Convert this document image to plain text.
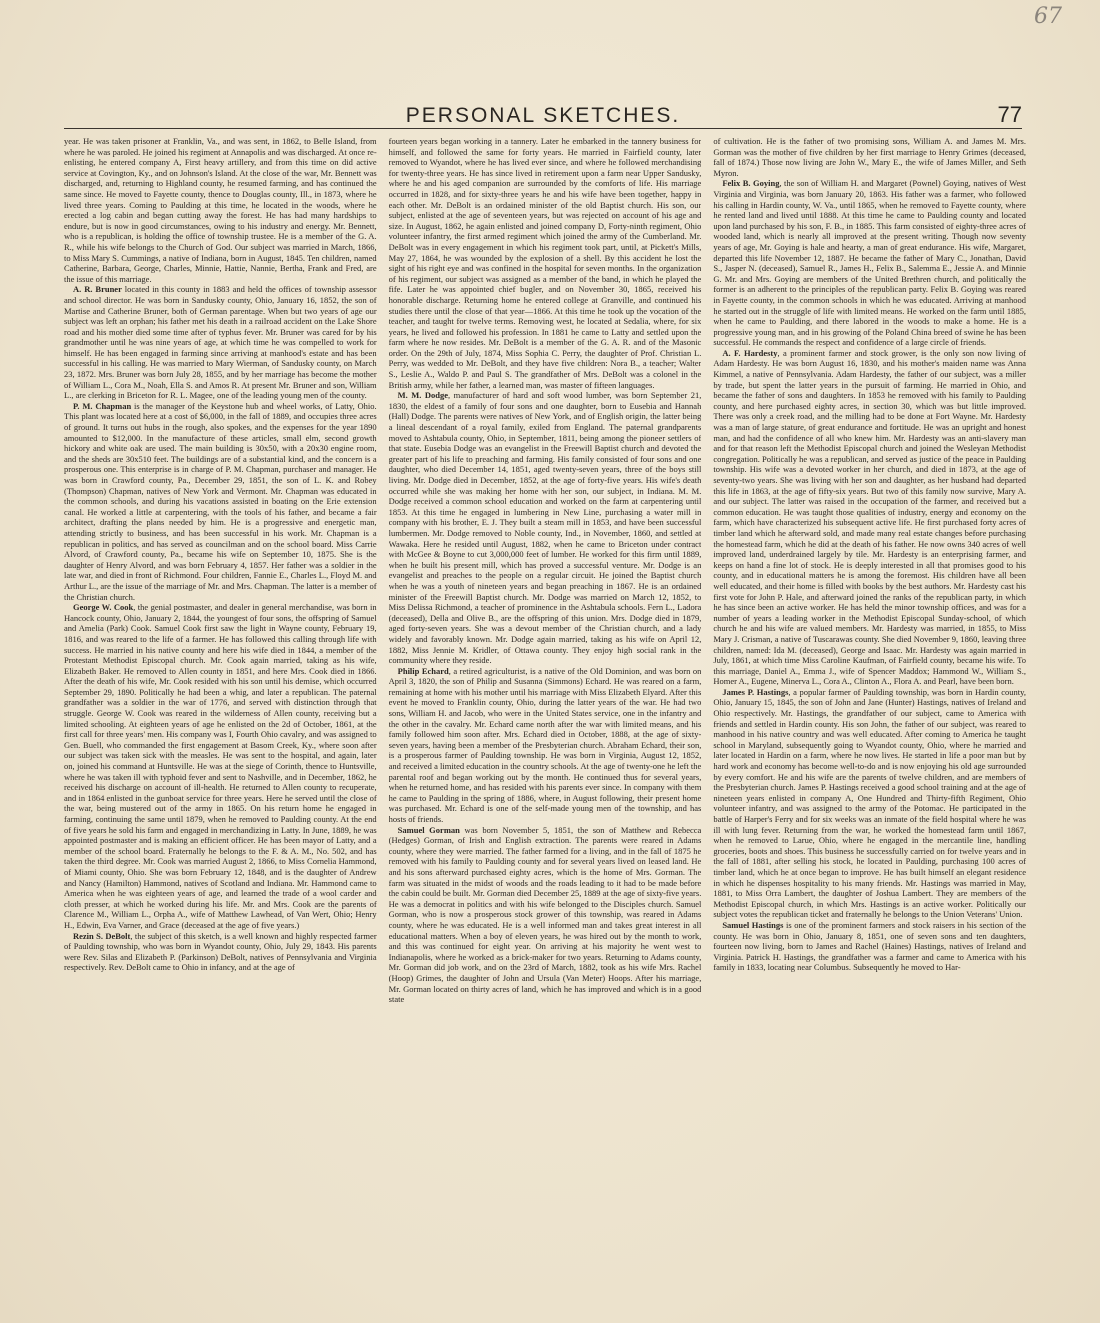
67
PERSONAL SKETCHES.	77

year. He was taken prisoner at Franklin, Va., and was sent, in 1862, to Belle Island, from where he was paroled. He joined his regiment at Annapolis and was discharged. At once re-enlisting, he entered company A, First heavy artillery, and from this time on did active service at Covington, Ky., and on Johnson's Island. At the close of the war, Mr. Bennett was discharged, and, returning to Highland county, he resumed farming, and has continued the same since. He moved to Fayette county, thence to Douglas county, Ill., in 1873, where he lived three years. Coming to Paulding at this time, he located in the woods, where he erected a log cabin and began cutting away the forest. He has had many hardships to endure, but is now in good circumstances, owing to his industry and energy. Mr. Bennett, who is a republican, is holding the office of township trustee. He is a member of the G. A. R., while his wife belongs to the Church of God. Our subject was married in March, 1866, to Miss Mary S. Cummings, a native of Indiana, born in August, 1845. Ten children, named Catherine, Barbara, George, Charles, Minnie, Hattie, Nannie, Bertha, Frank and Fred, are the issue of this marriage.

A. R. Bruner located in this county in 1883 and held the offices of township assessor and school director. He was born in Sandusky county, Ohio, January 16, 1852, the son of Martise and Catherine Bruner, both of German parentage. When but two years of age our subject was left an orphan; his father met his death in a railroad accident on the Lake Shore road and his mother died some time after of typhus fever. Mr. Bruner was cared for by his grandmother until he was nine years of age, at which time he was compelled to work for himself. He has been engaged in farming since arriving at manhood's estate and has been successful in his calling. He was married to Mary Wierman, of Sandusky county, on March 23, 1872. Mrs. Bruner was born July 28, 1855, and by her marriage has become the mother of William L., Cora M., Noah, Ella S. and Amos R. At present Mr. Bruner and son, William L., are clerking in Briceton for R. L. Magee, one of the leading young men of the county.

P. M. Chapman is the manager of the Keystone hub and wheel works, of Latty, Ohio. This plant was located here at a cost of $6,000, in the fall of 1889, and occupies three acres of ground. It turns out hubs in the rough, also spokes, and the expenses for the year 1890 amounted to $12,000. In the manufacture of these articles, small elm, second growth hickory and white oak are used. The main building is 30x50, with a 20x30 engine room, and the sheds are 30x510 feet. The buildings are of a substantial kind, and the concern is a prosperous one. This enterprise is in charge of P. M. Chapman, purchaser and manager. He was born in Crawford county, Pa., December 29, 1851, the son of L. K. and Robey (Thompson) Chapman, natives of New York and Vermont. Mr. Chapman was educated in the common schools, and during his vacations assisted in boating on the Erie extension canal. He worked a little at carpentering, with the tools of his father, and became a fair architect, drafting the plans needed by him. He is a progressive and energetic man, attending strictly to business, and has been successful in his work. Mr. Chapman is a republican in politics, and has served as councilman and on the school board. Miss Carrie Alvord, of Crawford county, Pa., became his wife on September 10, 1875. She is the daughter of Henry Alvord, and was born February 4, 1857. Her father was a soldier in the late war, and died in front of Richmond. Four children, Fannie E., Charles L., Floyd M. and Arthur L., are the issue of the marriage of Mr. and Mrs. Chapman. The latter is a member of the Christian church.

George W. Cook, the genial postmaster, and dealer in general merchandise, was born in Hancock county, Ohio, January 2, 1844, the youngest of four sons, the offspring of Samuel and Amelia (Park) Cook. Samuel Cook first saw the light in Wayne county, February 19, 1816, and was reared to the life of a farmer. He has followed this calling through life with success. He married in his native county and here his wife died in 1844, a member of the Protestant Methodist Episcopal church. Mr. Cook again married, taking as his wife, Elizabeth Baker. He removed to Allen county in 1851, and here Mrs. Cook died in 1866. After the death of his wife, Mr. Cook resided with his son until his demise, which occurred September 29, 1890. Politically he had been a whig, and later a republican. The paternal grandfather was a soldier in the war of 1776, and served with distinction through that struggle. George W. Cook was reared in the wilderness of Allen county, receiving but a limited schooling. At eighteen years of age he enlisted on the 2d of October, 1861, at the first call for three years' men. His company was I, Fourth Ohio cavalry, and was assigned to Gen. Buell, who commanded the first engagement at Basom Creek, Ky., where soon after our subject was taken sick with the measles. He was sent to the hospital, and again, later on, joined his command at Huntsville. He was at the siege of Corinth, thence to Huntsville, where he was taken ill with typhoid fever and sent to Nashville, and in December, 1862, he received his discharge on account of ill-health. He returned to Allen county to recuperate, and in 1864 enlisted in the gunboat service for three years. Here he served until the close of the war, being mustered out of the army in 1865. On his return home he engaged in farming, continuing the same until 1879, when he removed to Paulding county. At the end of five years he sold his farm and engaged in merchandizing in Latty. In June, 1889, he was appointed postmaster and is making an efficient officer. He has been mayor of Latty, and a member of the school board. Fraternally he belongs to the F. & A. M., No. 502, and has taken the third degree. Mr. Cook was married August 2, 1866, to Miss Cornelia Hammond, of Miami county, Ohio. She was born February 12, 1848, and is the daughter of Andrew and Nancy (Hamilton) Hammond, natives of Scotland and Indiana. Mr. Hammond came to America when he was eighteen years of age, and learned the trade of a wool carder and cloth presser, at which he worked during his life. Mr. and Mrs. Cook are the parents of Clarence M., William L., Orpha A., wife of Matthew Lawhead, of Van Wert, Ohio; Henry H., Edwin, Eva Varner, and Grace (deceased at the age of five years.)

Rezin S. DeBolt, the subject of this sketch, is a well known and highly respected farmer of Paulding township, who was born in Wyandot county, Ohio, July 29, 1843. His parents were Rev. Silas and Elizabeth P. (Parkinson) DeBolt, natives of Pennsylvania and Virginia respectively. Rev. DeBolt came to Ohio in infancy, and at the age of

fourteen years began working in a tannery. Later he embarked in the tannery business for himself, and followed the same for forty years. He married in Fairfield county, later removed to Wyandot, where he has lived ever since, and where he followed merchandising for twenty-three years. He has since lived in retirement upon a farm near Upper Sandusky, where he and his aged companion are surrounded by the comforts of life. His marriage occurred in 1828, and for sixty-three years he and his wife have been together, happy in each other. Mr. DeBolt is an ordained minister of the old Baptist church. His son, our subject, enlisted at the age of seventeen years, but was rejected on account of his age and size. In August, 1862, he again enlisted and joined company D, Forty-ninth regiment, Ohio volunteer infantry, the first armed regiment which joined the army of the Cumberland. Mr. DeBolt was in every engagement in which his regiment took part, until, at Pickett's Mills, May 27, 1864, he was wounded by the explosion of a shell. By this accident he lost the sight of his right eye and was confined in the hospital for seven months. In the organization of his regiment, our subject was assigned as a member of the band, in which he played the fife. Later he was appointed chief bugler, and on November 30, 1865, received his honorable discharge. Returning home he entered college at Granville, and continued his studies there until the close of that year—1866. At this time he took up the vocation of the teacher, and taught for twelve terms. Removing west, he located at Sedalia, where, for six years, he lived and followed his profession. In 1881 he came to Latty and settled upon the farm where he now resides. Mr. DeBolt is a member of the G. A. R. and of the Masonic order. On the 29th of July, 1874, Miss Sophia C. Perry, the daughter of Prof. Christian L. Perry, was wedded to Mr. DeBolt, and they have five children: Nora B., a teacher; Walter S., Leslie A., Waldo P. and Paul S. The grandfather of Mrs. DeBolt was a colonel in the British army, while her father, a learned man, was master of fifteen languages.

M. M. Dodge, manufacturer of hard and soft wood lumber, was born September 21, 1830, the eldest of a family of four sons and one daughter, born to Eusebia and Hannah (Hall) Dodge. The parents were natives of New York, and of English origin, the latter being a lineal descendant of a royal family, exiled from England. The paternal grandparents moved to Ashtabula county, Ohio, in September, 1811, being among the pioneer settlers of that state. Eusebia Dodge was an evangelist in the Freewill Baptist church and devoted the greater part of his life to preaching and farming. His family consisted of four sons and one daughter, who died December 14, 1851, aged twenty-seven years, three of the boys still living. Mr. Dodge died in December, 1852, at the age of forty-five years. His wife's death occurred while she was making her home with her son, our subject, in Indiana. M. M. Dodge received a common school education and worked on the farm at carpentering until 1853. At this time he engaged in lumbering in New Line, purchasing a water mill in company with his brother, E. J. They built a steam mill in 1853, and have been successful lumbermen. Mr. Dodge removed to Noble county, Ind., in November, 1860, and settled at Wawaka. Here he resided until August, 1882, when he came to Briceton under contract with McGee & Boyne to cut 3,000,000 feet of lumber. He worked for this firm until 1889, when he built his present mill, which has proved a successful venture. Mr. Dodge is an evangelist and preaches to the people on a regular circuit. He joined the Baptist church when he was a youth of nineteen years and began preaching in 1867. He is an ordained minister of the Freewill Baptist church. Mr. Dodge was married on March 12, 1852, to Miss Delissa Richmond, a teacher of prominence in the Ashtabula schools. Fern L., Ladora (deceased), Della and Olive B., are the offspring of this union. Mrs. Dodge died in 1879, aged forty-seven years. She was a devout member of the Christian church, and a lady widely and favorably known. Mr. Dodge again married, taking as his wife on April 12, 1882, Miss Jennie M. Kridler, of Ottawa county. They enjoy high social rank in the community where they reside.

Philip Echard, a retired agriculturist, is a native of the Old Dominion, and was born on April 3, 1820, the son of Philip and Susanna (Simmons) Echard. He was reared on a farm, remaining at home with his mother until his marriage with Miss Elizabeth Elyard. After this event he moved to Franklin county, Ohio, during the latter years of the war. He had two sons, William H. and Jacob, who were in the United States service, one in the infantry and the other in the cavalry. Mr. Echard came north after the war with limited means, and his family followed him soon after. Mrs. Echard died in October, 1888, at the age of sixty-seven years, having been a member of the Presbyterian church. Abraham Echard, their son, is a prosperous farmer of Paulding township. He was born in Virginia, August 12, 1852, and received a limited education in the country schools. At the age of twenty-one he left the parental roof and began working out by the month. He continued thus for several years, when he returned home, and has resided with his parents ever since. In company with them he came to Paulding in the spring of 1886, where, in August following, their present home was purchased. Mr. Echard is one of the self-made young men of the township, and has hosts of friends.

Samuel Gorman was born November 5, 1851, the son of Matthew and Rebecca (Hedges) Gorman, of Irish and English extraction. The parents were reared in Adams county, where they were married. The father farmed for a living, and in the fall of 1875 he removed with his family to Paulding county and for several years lived on leased land. He and his sons afterward purchased eighty acres, which is the home of Mrs. Gorman. The farm was situated in the midst of woods and the roads leading to it had to be made before the cabin could be built. Mr. Gorman died December 25, 1889 at the age of sixty-five years. He was a democrat in politics and with his wife belonged to the Disciples church. Samuel Gorman, who is now a prosperous stock grower of this township, was reared in Adams county, where he was educated. He is a well informed man and takes great interest in all educational matters. When a boy of eleven years, he was hired out by the month to work, and this was continued for eight year. On arriving at his majority he went west to Indianapolis, where he worked as a brick-maker for two years. Returning to Adams county, Mr. Gorman did job work, and on the 23rd of March, 1882, took as his wife Mrs. Rachel (Hoop) Grimes, the daughter of John and Ursula (Van Meter) Hoops. After his marriage, Mr. Gorman located on thirty acres of land, which he has improved and which is in a good state

of cultivation. He is the father of two promising sons, William A. and James M. Mrs. Gorman was the mother of five children by her first marriage to Henry Grimes (deceased, fall of 1874.) Those now living are John W., Mary E., the wife of James Miller, and Seth Myron.

Felix B. Goying, the son of William H. and Margaret (Pownel) Goying, natives of West Virginia and Virginia, was born January 20, 1863. His father was a farmer, who followed his calling in Hardin county, W. Va., until 1865, when he removed to Fayette county, where he rented land and lived until 1888. At this time he came to Paulding county and located upon land purchased by his son, F. B., in 1885. This farm consisted of eighty-three acres of wooded land, which is nearly all improved at the present writing. Though now seventy years of age, Mr. Goying is hale and hearty, a man of great endurance. His wife, Margaret, departed this life November 12, 1887. He became the father of Mary C., Jonathan, David S., Jasper N. (deceased), Samuel R., James H., Felix B., Salemma E., Jessie A. and Minnie G. Mr. and Mrs. Goying are members of the United Brethren church, and politically the former is an adherent to the principles of the republican party. Felix B. Goying was reared in Fayette county, in the common schools in which he was educated. Arriving at manhood he started out in the struggle of life with limited means. He worked on the farm until 1885, when he came to Paulding, and there labored in the woods to make a home. He is a progressive young man, and in his growing of the Poland China breed of swine he has been successful. He commands the respect and confidence of a large circle of friends.

A. F. Hardesty, a prominent farmer and stock grower, is the only son now living of Adam Hardesty. He was born August 16, 1830, and his mother's maiden name was Anna Kimmel, a native of Pennsylvania. Adam Hardesty, the father of our subject, was a miller by trade, but spent the latter years in the pursuit of farming. He married in Ohio, and became the father of sons and daughters. In 1853 he removed with his family to Paulding county, and here purchased eighty acres, in section 30, which was but little improved. There was only a creek road, and the milling had to be done at Fort Wayne. Mr. Hardesty was a man of large stature, of great endurance and fortitude. He was an upright and honest man, and had the confidence of all who knew him. Mr. Hardesty was an anti-slavery man and for that reason left the Methodist Episcopal church and joined the Wesleyan Methodist congregation. Politically he was a republican, and served as justice of the peace in Paulding township. His wife was a devoted worker in her church, and died in 1873, at the age of seventy-two years. She was living with her son and daughter, as her husband had departed this life in 1863, at the age of fifty-six years. But two of this family now survive, Mary A. and our subject. The latter was raised in the occupation of the farmer, and received but a common education. He was taught those qualities of industry, energy and economy on the farm, which have characterized his subsequent active life. He first purchased forty acres of timber land which he afterward sold, and made many real estate changes before purchasing the homestead farm, which he did at the death of his father. He now owns 340 acres of well improved land, underdrained largely by tile. Mr. Hardesty is an enterprising farmer, and keeps on hand a fine lot of stock. He is deeply interested in all that promises good to his county, and in educational matters he is among the foremost. His children have all been well educated, and their home is filled with books by the best authors. Mr. Hardesty cast his first vote for John P. Hale, and afterward joined the ranks of the republican party, in which he has since been an active worker. He has held the minor township offices, and was for a number of years a leading worker in the Methodist Episcopal Sunday-school, of which church he and his wife are valued members. Mr. Hardesty was married, in 1855, to Miss Mary J. Crisman, a native of Tuscarawas county. She died November 9, 1860, leaving three children, named: Ida M. (deceased), George and Isaac. Mr. Hardesty was again married in July, 1861, at which time Miss Caroline Kaufman, of Fairfield county, became his wife. To this marriage, Daniel A., Emma J., wife of Spencer Maddox; Hammond W., William S., Homer A., Eugene, Minerva L., Cora A., Clinton A., Flora A. and Pearl, have been born.

James P. Hastings, a popular farmer of Paulding township, was born in Hardin county, Ohio, January 15, 1845, the son of John and Jane (Hunter) Hastings, natives of Ireland and Ohio respectively. Mr. Hastings, the grandfather of our subject, came to America with friends and settled in Hardin county. His son John, the father of our subject, was reared to manhood in his native country and was well educated. After coming to America he taught school in Maryland, subsequently going to Wyandot county, Ohio, where he married and later located in Hardin on a farm, where he now lives. He started in life a poor man but by hard work and economy has become well-to-do and is now enjoying his old age surrounded by every comfort. He and his wife are the parents of twelve children, and are members of the Presbyterian church. James P. Hastings received a good school training and at the age of nineteen years enlisted in company A, One Hundred and Thirty-fifth Regiment, Ohio volunteer infantry, and was assigned to the army of the Potomac. He participated in the battle of Harper's Ferry and for six weeks was an inmate of the field hospital where he was ill with lung fever. Returning from the war, he worked the homestead farm until 1867, when he removed to Larue, Ohio, where he engaged in the mercantile line, handling groceries, boots and shoes. This business he successfully carried on for twelve years and in the fall of 1881, after selling his stock, he located in Paulding, purchasing 100 acres of timber land, which he at once began to improve. He has built himself an elegant residence in which he dispenses hospitality to his many friends. Mr. Hastings was married in May, 1881, to Miss Orra Lambert, the daughter of Joshua Lambert. They are members of the Methodist Episcopal church, in which Mrs. Hastings is an active worker. Politically our subject votes the republican ticket and fraternally he belongs to the Union Veterans' Union.

Samuel Hastings is one of the prominent farmers and stock raisers in his section of the county. He was born in Ohio, January 8, 1851, one of seven sons and ten daughters, fourteen now living, born to James and Rachel (Haines) Hastings, natives of Ireland and Virginia. Patrick H. Hastings, the grandfather was a farmer and came to America with his family in 1833, locating near Columbus. Subsequently he moved to Har-
